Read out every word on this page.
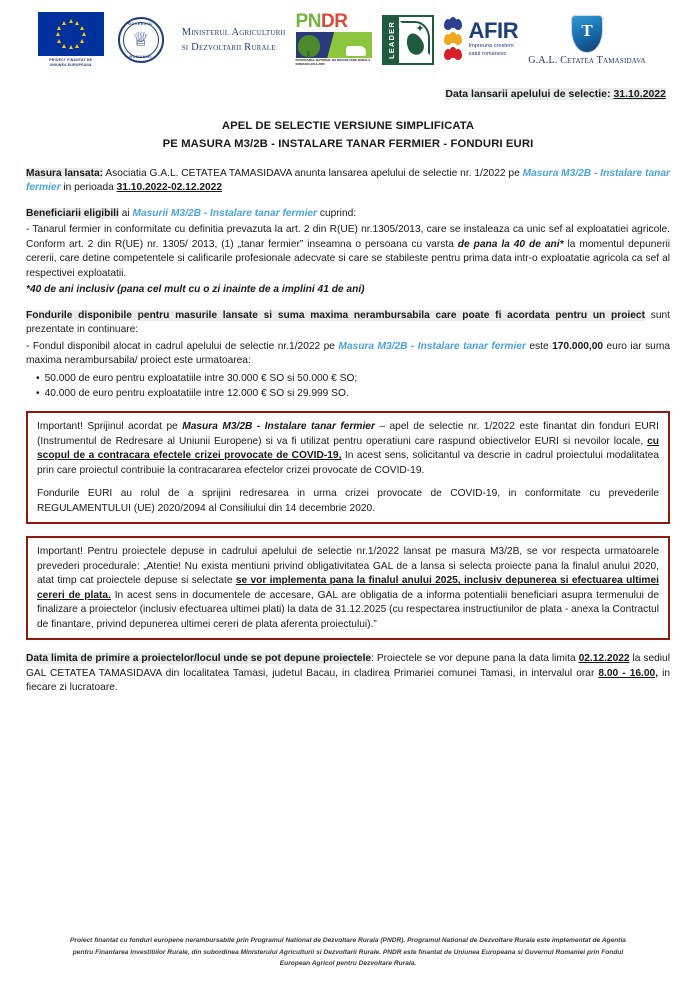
PROIECT FINANTAT DE
UNIUNEA EUROPEANA
GUVERNUL
♕
ROMANIEI
Ministerul Agriculturii
si Dezvoltarii Rurale
PNDR
PROGRAMUL NATIONAL DE DEZVOLTARE RURALA
ROMANIA 2014-2020
LEADER ✦ AFIR
Impreuna crestem
satul romanesc
T
G.A.L. Cetatea Tamasidava
Data lansarii apelului de selectie: 31.10.2022
APEL DE SELECTIE VERSIUNE SIMPLIFICATA
PE MASURA M3/2B - INSTALARE TANAR FERMIER - FONDURI EURI

Masura lansata: Asociatia G.A.L. CETATEA TAMASIDAVA anunta lansarea apelului de selectie nr. 1/2022 pe Masura M3/2B - Instalare tanar fermier in perioada 31.10.2022-02.12.2022

Beneficiarii eligibili ai Masurii M3/2B - Instalare tanar fermier cuprind:

- Tanarul fermier in conformitate cu definitia prevazuta la art. 2 din R(UE) nr.1305/2013, care se instaleaza ca unic sef al exploatatiei agricole. Conform art. 2 din R(UE) nr. 1305/ 2013, (1) „tanar fermier” inseamna o persoana cu varsta de pana la 40 de ani* la momentul depunerii cererii, care detine competentele si calificarile profesionale adecvate si care se stabileste pentru prima data intr-o exploatatie agricola ca sef al respectivei exploatatii.

*40 de ani inclusiv (pana cel mult cu o zi inainte de a implini 41 de ani)

Fondurile disponibile pentru masurile lansate si suma maxima nerambursabila care poate fi acordata pentru un proiect sunt prezentate in continuare:

- Fondul disponibil alocat in cadrul apelului de selectie nr.1/2022 pe Masura M3/2B - Instalare tanar fermier este 170.000,00 euro iar suma maxima nerambursabila/ proiect este urmatoarea:

• 50.000 de euro pentru exploatatiile intre 30.000 € SO si 50.000 € SO;
• 40.000 de euro pentru exploatatiile intre 12.000 € SO si 29.999 SO.

Important! Sprijinul acordat pe Masura M3/2B - Instalare tanar fermier – apel de selectie nr. 1/2022 este finantat din fonduri EURI (Instrumentul de Redresare al Uniunii Europene) si va fi utilizat pentru operatiuni care raspund obiectivelor EURI si nevoilor locale, cu scopul de a contracara efectele crizei provocate de COVID-19, In acest sens, solicitantul va descrie in cadrul proiectului modalitatea prin care proiectul contribuie la contracararea efectelor crizei provocate de COVID-19.

Fondurile EURI au rolul de a sprijini redresarea in urma crizei provocate de COVID-19, in conformitate cu prevederile REGULAMENTULUI (UE) 2020/2094 al Consiliului din 14 decembrie 2020.

Important! Pentru proiectele depuse in cadrului apelului de selectie nr.1/2022 lansat pe masura M3/2B, se vor respecta urmatoarele prevederi procedurale: „Atentie! Nu exista mentiuni privind obligativitatea GAL de a lansa si selecta proiecte pana la finalul anului 2020, atat timp cat proiectele depuse si selectate se vor implementa pana la finalul anului 2025, inclusiv depunerea si efectuarea ultimei cereri de plata. In acest sens in documentele de accesare, GAL are obligatia de a informa potentialii beneficiari asupra termenului de finalizare a proiectelor (inclusiv efectuarea ultimei plati) la data de 31.12.2025 (cu respectarea instructiunilor de plata - anexa la Contractul de finantare, privind depunerea ultimei cereri de plata aferenta proiectului).”

Data limita de primire a proiectelor/locul unde se pot depune proiectele: Proiectele se vor depune pana la data limita 02.12.2022 la sediul GAL CETATEA TAMASIDAVA din localitatea Tamasi, judetul Bacau, in cladirea Primariei comunei Tamasi, in intervalul orar 8.00 - 16.00, in fiecare zi lucratoare.

Proiect finantat cu fonduri europene nerambursabile prin Programul National de Dezvoltare Rurala (PNDR). Programul National de Dezvoltare Rurala este implementat de Agentia pentru Finantarea Investitiilor Rurale, din subordinea Ministerului Agriculturii si Dezvoltarii Rurale. PNDR este finantat de Uniunea Europeana si Guvernul Romaniei prin Fondul European Agricol pentru Dezvoltare Rurala.
